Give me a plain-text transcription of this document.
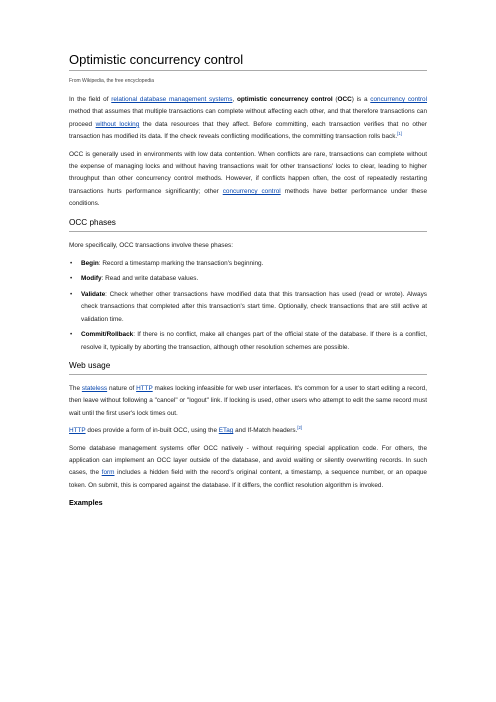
Optimistic concurrency control
From Wikipedia, the free encyclopedia

In the field of relational database management systems, optimistic concurrency control (OCC) is a concurrency control method that assumes that multiple transactions can complete without affecting each other, and that therefore transactions can proceed without locking the data resources that they affect. Before committing, each transaction verifies that no other transaction has modified its data. If the check reveals conflicting modifications, the committing transaction rolls back.[1]

OCC is generally used in environments with low data contention. When conflicts are rare, transactions can complete without the expense of managing locks and without having transactions wait for other transactions' locks to clear, leading to higher throughput than other concurrency control methods. However, if conflicts happen often, the cost of repeatedly restarting transactions hurts performance significantly; other concurrency control methods have better performance under these conditions.

OCC phases

More specifically, OCC transactions involve these phases:

• Begin: Record a timestamp marking the transaction's beginning.
• Modify: Read and write database values.
• Validate: Check whether other transactions have modified data that this transaction has used (read or wrote). Always check transactions that completed after this transaction's start time. Optionally, check transactions that are still active at validation time.
• Commit/Rollback: If there is no conflict, make all changes part of the official state of the database. If there is a conflict, resolve it, typically by aborting the transaction, although other resolution schemes are possible.
Web usage

The stateless nature of HTTP makes locking infeasible for web user interfaces. It's common for a user to start editing a record, then leave without following a "cancel" or "logout" link. If locking is used, other users who attempt to edit the same record must wait until the first user's lock times out.

HTTP does provide a form of in-built OCC, using the ETag and If-Match headers.[2]

Some database management systems offer OCC natively - without requiring special application code. For others, the application can implement an OCC layer outside of the database, and avoid waiting or silently overwriting records. In such cases, the form includes a hidden field with the record's original content, a timestamp, a sequence number, or an opaque token. On submit, this is compared against the database. If it differs, the conflict resolution algorithm is invoked.

Examples
